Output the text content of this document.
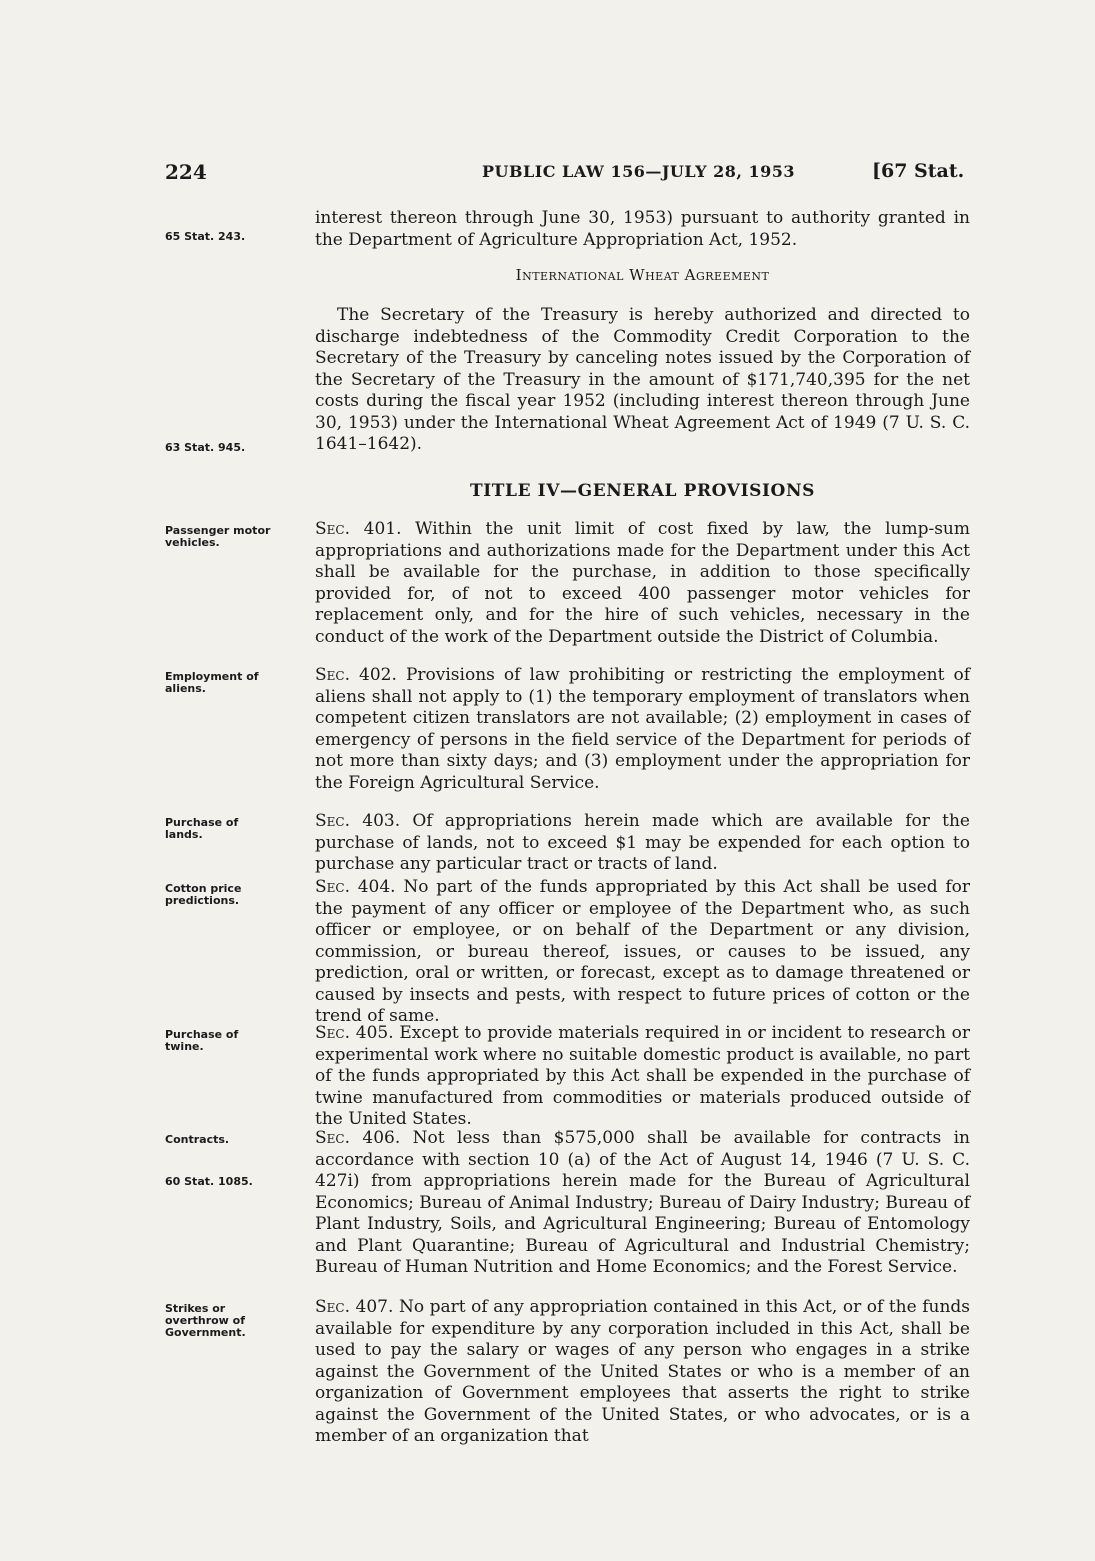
224	PUBLIC LAW 156—JULY 28, 1953	[67 Stat.
65 Stat. 243.
63 Stat. 945.
Passenger motor vehicles.
Employment of aliens.
Purchase of lands.
Cotton price predictions.
Purchase of twine.
Contracts.
60 Stat. 1085.
Strikes or overthrow of Government.
interest thereon through June 30, 1953) pursuant to authority granted in the Department of Agriculture Appropriation Act, 1952.
International Wheat Agreement
The Secretary of the Treasury is hereby authorized and directed to discharge indebtedness of the Commodity Credit Corporation to the Secretary of the Treasury by canceling notes issued by the Corporation of the Secretary of the Treasury in the amount of $171,740,395 for the net costs during the fiscal year 1952 (including interest thereon through June 30, 1953) under the International Wheat Agreement Act of 1949 (7 U. S. C. 1641–1642).
TITLE IV—GENERAL PROVISIONS
Sec. 401. Within the unit limit of cost fixed by law, the lump-sum appropriations and authorizations made for the Department under this Act shall be available for the purchase, in addition to those specifically provided for, of not to exceed 400 passenger motor vehicles for replacement only, and for the hire of such vehicles, necessary in the conduct of the work of the Department outside the District of Columbia.
Sec. 402. Provisions of law prohibiting or restricting the employment of aliens shall not apply to (1) the temporary employment of translators when competent citizen translators are not available; (2) employment in cases of emergency of persons in the field service of the Department for periods of not more than sixty days; and (3) employment under the appropriation for the Foreign Agricultural Service.
Sec. 403. Of appropriations herein made which are available for the purchase of lands, not to exceed $1 may be expended for each option to purchase any particular tract or tracts of land.
Sec. 404. No part of the funds appropriated by this Act shall be used for the payment of any officer or employee of the Department who, as such officer or employee, or on behalf of the Department or any division, commission, or bureau thereof, issues, or causes to be issued, any prediction, oral or written, or forecast, except as to damage threatened or caused by insects and pests, with respect to future prices of cotton or the trend of same.
Sec. 405. Except to provide materials required in or incident to research or experimental work where no suitable domestic product is available, no part of the funds appropriated by this Act shall be expended in the purchase of twine manufactured from commodities or materials produced outside of the United States.
Sec. 406. Not less than $575,000 shall be available for contracts in accordance with section 10 (a) of the Act of August 14, 1946 (7 U. S. C. 427i) from appropriations herein made for the Bureau of Agricultural Economics; Bureau of Animal Industry; Bureau of Dairy Industry; Bureau of Plant Industry, Soils, and Agricultural Engineering; Bureau of Entomology and Plant Quarantine; Bureau of Agricultural and Industrial Chemistry; Bureau of Human Nutrition and Home Economics; and the Forest Service.
Sec. 407. No part of any appropriation contained in this Act, or of the funds available for expenditure by any corporation included in this Act, shall be used to pay the salary or wages of any person who engages in a strike against the Government of the United States or who is a member of an organization of Government employees that asserts the right to strike against the Government of the United States, or who advocates, or is a member of an organization that
